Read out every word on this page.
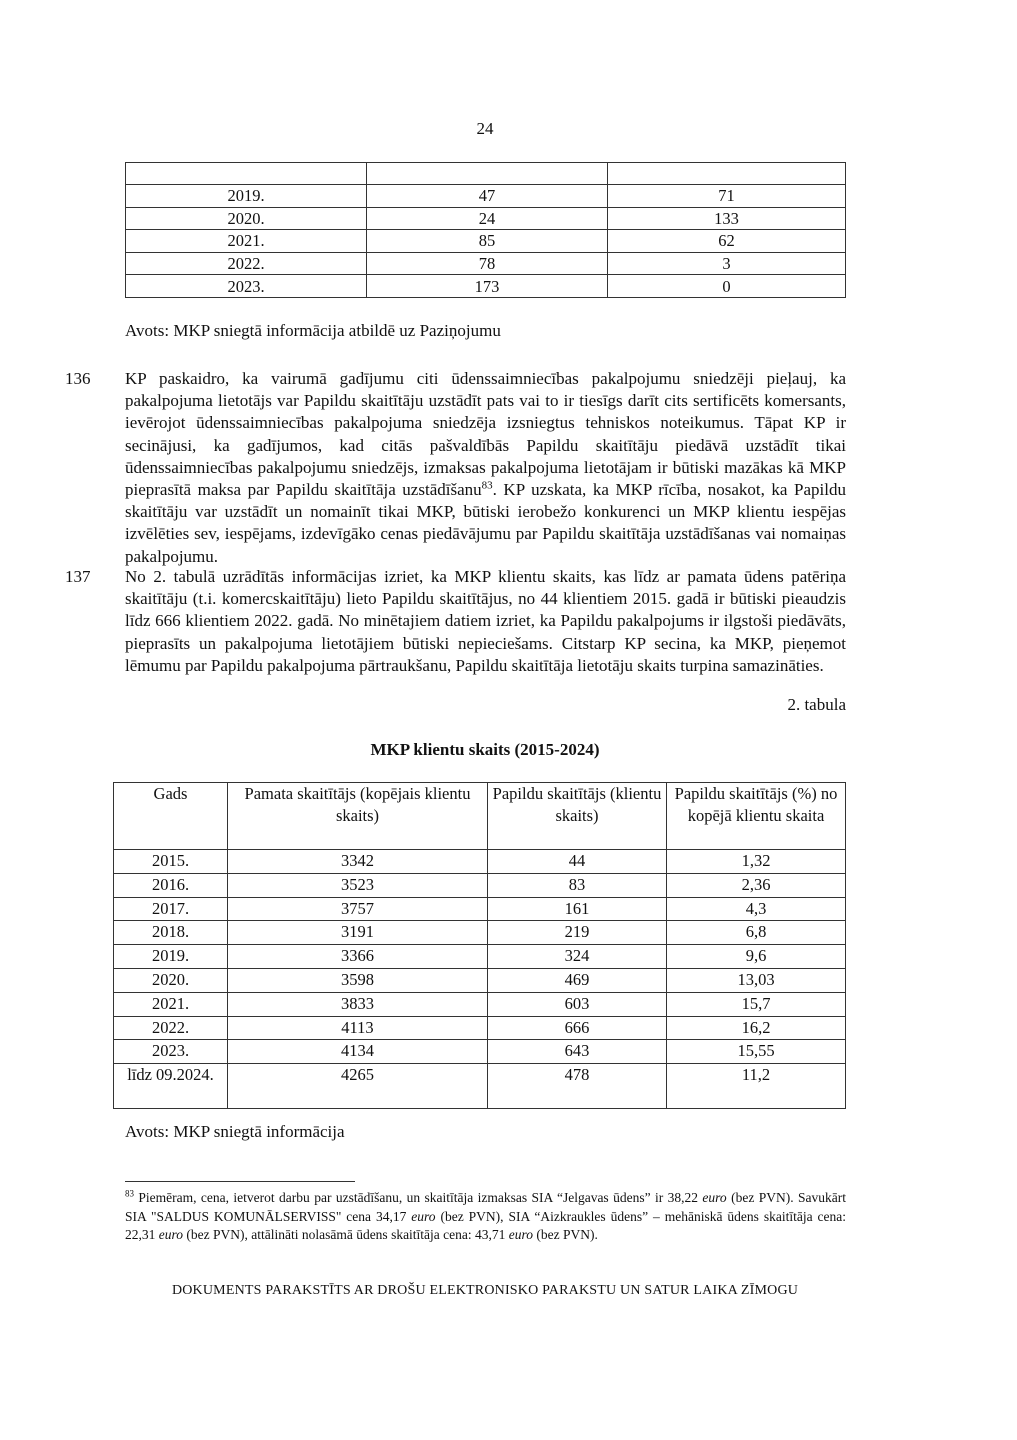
24

2019.	47	71
2020.	24	133
2021.	85	62
2022.	78	3
2023.	173	0
Avots: MKP sniegtā informācija atbildē uz Paziņojumu
136 KP paskaidro, ka vairumā gadījumu citi ūdenssaimniecības pakalpojumu sniedzēji pieļauj, ka pakalpojuma lietotājs var Papildu skaitītāju uzstādīt pats vai to ir tiesīgs darīt cits sertificēts komersants, ievērojot ūdenssaimniecības pakalpojuma sniedzēja izsniegtus tehniskos noteikumus. Tāpat KP ir secinājusi, ka gadījumos, kad citās pašvaldībās Papildu skaitītāju piedāvā uzstādīt tikai ūdenssaimniecības pakalpojumu sniedzējs, izmaksas pakalpojuma lietotājam ir būtiski mazākas kā MKP pieprasītā maksa par Papildu skaitītāja uzstādīšanu$^{83}$. KP uzskata, ka MKP rīcība, nosakot, ka Papildu skaitītāju var uzstādīt un nomainīt tikai MKP, būtiski ierobežo konkurenci un MKP klientu iespējas izvēlēties sev, iespējams, izdevīgāko cenas piedāvājumu par Papildu skaitītāja uzstādīšanas vai nomaiņas pakalpojumu.
137 No 2. tabulā uzrādītās informācijas izriet, ka MKP klientu skaits, kas līdz ar pamata ūdens patēriņa skaitītāju (t.i. komercskaitītāju) lieto Papildu skaitītājus, no 44 klientiem 2015. gadā ir būtiski pieaudzis līdz 666 klientiem 2022. gadā. No minētajiem datiem izriet, ka Papildu pakalpojums ir ilgstoši piedāvāts, pieprasīts un pakalpojuma lietotājiem būtiski nepieciešams. Citstarp KP secina, ka MKP, pieņemot lēmumu par Papildu pakalpojuma pārtraukšanu, Papildu skaitītāja lietotāju skaits turpina samazināties.
2. tabula
MKP klientu skaits (2015-2024)
Gads	Pamata skaitītājs (kopējais klientu skaits)	Papildu skaitītājs (klientu skaits)	Papildu skaitītājs (%) no kopējā klientu skaita
2015.	3342	44	1,32
2016.	3523	83	2,36
2017.	3757	161	4,3
2018.	3191	219	6,8
2019.	3366	324	9,6
2020.	3598	469	13,03
2021.	3833	603	15,7
2022.	4113	666	16,2
2023.	4134	643	15,55
līdz 09.2024.	4265	478	11,2
Avots: MKP sniegtā informācija
$^{83}$ Piemēram, cena, ietverot darbu par uzstādīšanu, un skaitītāja izmaksas SIA “Jelgavas ūdens” ir 38,22 euro (bez PVN). Savukārt SIA "SALDUS KOMUNĀLSERVISS" cena 34,17 euro (bez PVN), SIA “Aizkraukles ūdens” – mehāniskā ūdens skaitītāja cena: 22,31 euro (bez PVN), attālināti nolasāmā ūdens skaitītāja cena: 43,71 euro (bez PVN).
DOKUMENTS PARAKSTĪTS AR DROŠU ELEKTRONISKO PARAKSTU UN SATUR LAIKA ZĪMOGU
